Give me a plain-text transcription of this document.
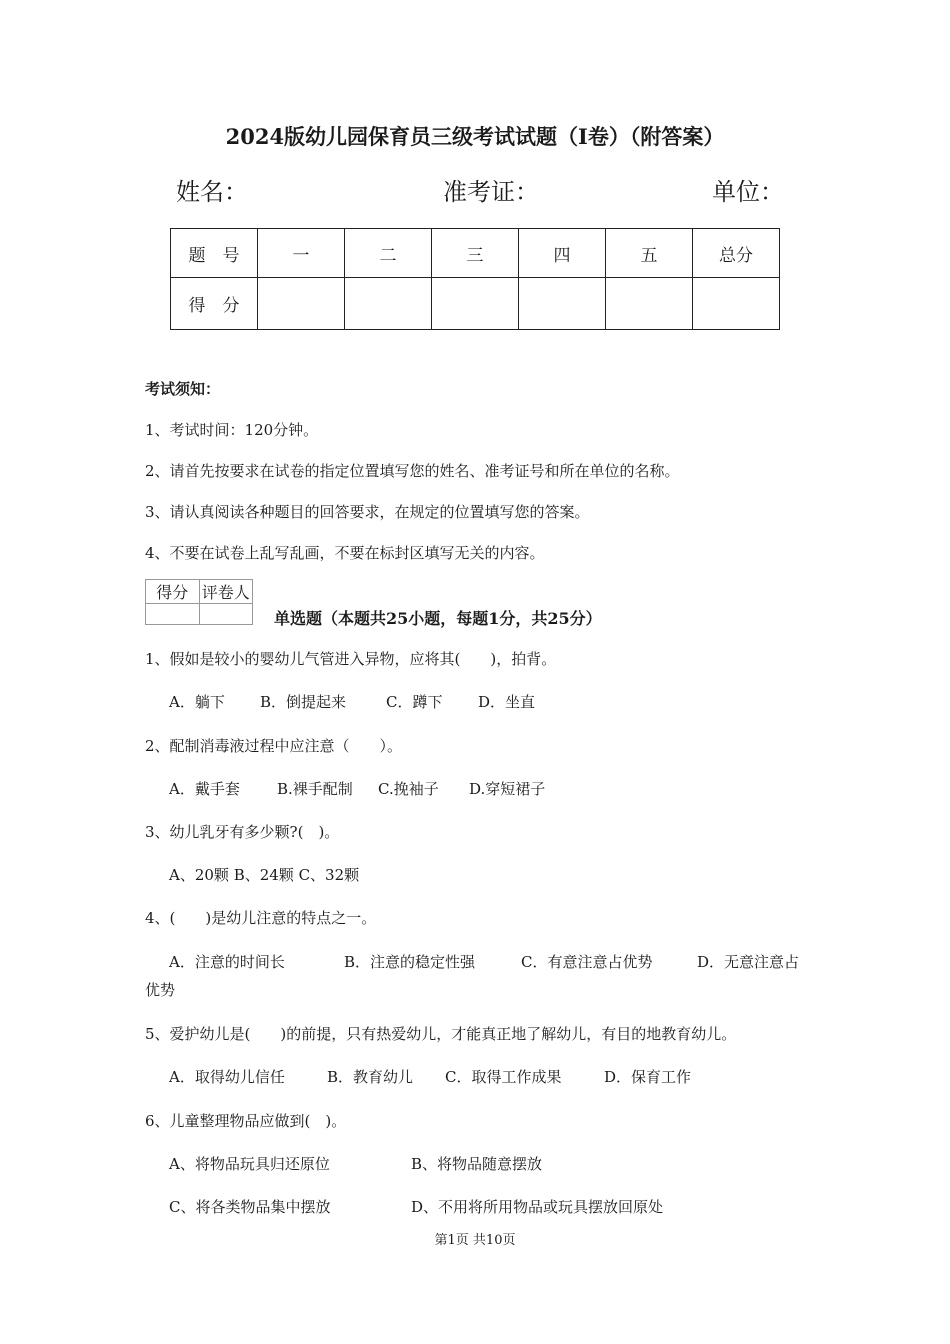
2024版幼儿园保育员三级考试试题（I卷）（附答案）
姓名：	准考证：	单位：
题　号	一	二	三	四	五	总分
得　分						
考试须知：
1、考试时间：120分钟。
2、请首先按要求在试卷的指定位置填写您的姓名、准考证号和所在单位的名称。
3、请认真阅读各种题目的回答要求，在规定的位置填写您的答案。
4、不要在试卷上乱写乱画，不要在标封区填写无关的内容。
得分	评卷人

单选题（本题共25小题，每题1分，共25分）
1、假如是较小的婴幼儿气管进入异物，应将其(　　)，拍背。
A．躺下 B．倒提起来	C．蹲下 D．坐直
2、配制消毒液过程中应注意（　　）。
A．戴手套 B.裸手配制 C.挽袖子 D.穿短裙子
3、幼儿乳牙有多少颗?(　)。
A、20颗 B、24颗 C、32颗
4、(　　)是幼儿注意的特点之一。
A．注意的时间长	B．注意的稳定性强	C．有意注意占优势	D．无意注意占
优势
5、爱护幼儿是(　　)的前提，只有热爱幼儿，才能真正地了解幼儿，有目的地教育幼儿。
A．取得幼儿信任	B．教育幼儿 C．取得工作成果	D．保育工作
6、儿童整理物品应做到(　)。
A、将物品玩具归还原位	B、将物品随意摆放
C、将各类物品集中摆放	D、不用将所用物品或玩具摆放回原处
第1页 共10页
